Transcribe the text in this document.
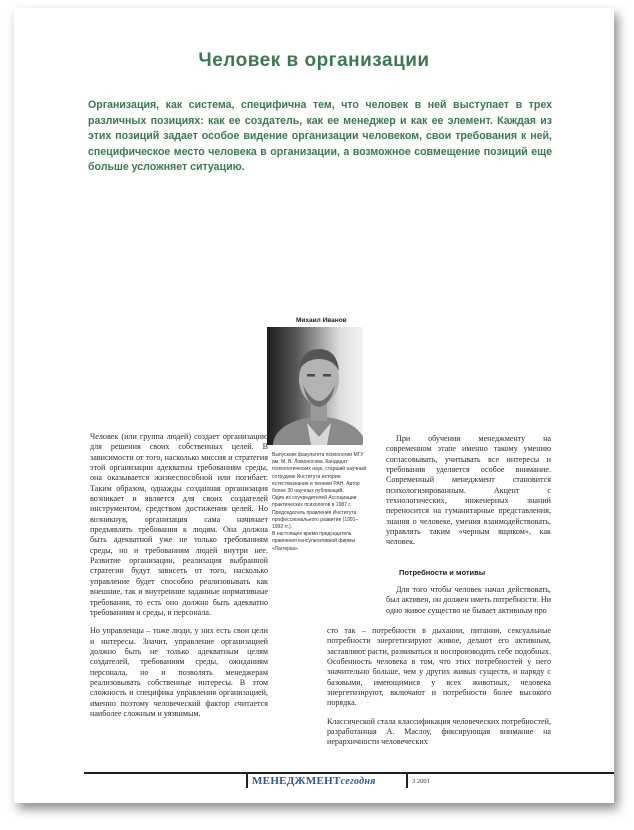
Человек в организации
Организация, как система, специфична тем, что человек в ней выступает в трех различных позициях: как ее создатель, как ее менеджер и как ее элемент. Каждая из этих позиций задает особое видение организации человеком, свои требования к ней, специфическое место человека в организации, а возможное совмещение позиций еще больше усложняет ситуацию.
Михаил Иванов

Выпускник факультета психологии МГУ им. М. В. Ломоносова. Кандидат психологических наук, старший научный сотрудник Института истории естествознания и техники РАН. Автор более 30 научных публикаций.

Один из соучредителей Ассоциации практических психологов в 1987 г.

Председатель правления Института профессионального развития (1991–1992 гг.).

В настоящее время председатель правления консультативной фирмы «Лаггерка».

Человек (или группа людей) создает организацию для решения своих собственных целей. В зависимости от того, насколько миссия и стратегия этой организации адекватны требованиям среды, она оказывается жизнеспособной или погибает. Таким образом, однажды созданная организация возникает и является для своих создателей инструментом, средством достижения целей. Но возникнув, организация сама начинает предъявлять требования к людям. Она должна быть адекватной уже не только требованиям среды, но и требованиям людей внутри нее. Развитие организации, реализация выбранной стратегии будут зависеть от того, насколько управление будет способно реализовывать как внешние, так и внутренние заданные нормативные требования, то есть оно должно быть адекватно требованиям и среды, и персонала.

Но управленцы – тоже люди, у них есть свои цели и интересы. Значит, управление организацией должно быть не только адекватным целям создателей, требованиям среды, ожиданиям персонала, но и позволять менеджерам реализовывать собственные интересы. В этом сложность и специфика управления организацией, именно поэтому человеческий фактор считается наиболее сложным и уязвимым.

При обучении менеджменту на современном этапе именно такому умению согласовывать, учитывать все интересы и требования уделяется особое внимание. Современный менеджмент становится психологизированным. Акцент с технологических, инженерных знаний переносится на гуманитарные представления, знания о человеке, умения взаимодействовать, управлять таким «черным ящиком», как человек.

Потребности и мотивы

Для того чтобы человек начал действовать, был активен, он должен иметь потребности. Ни одно живое существо не бывает активным про

сто так – потребности в дыхании, питании, сексуальные потребности энергетизируют живое, делают его активным, заставляют расти, развиваться и воспроизводить себе подобных. Особенность человека в том, что этих потребностей у него значительно больше, чем у других живых существ, и наряду с базовыми, имеющимися у всех животных, человека энергетизируют, включают и потребности более высокого порядка.

Классической стала классификация человеческих потребностей, разработанная А. Маслоу, фиксирующая внимание на иерархичности человеческих

МЕНЕДЖМЕНТсегодня	3 2001
